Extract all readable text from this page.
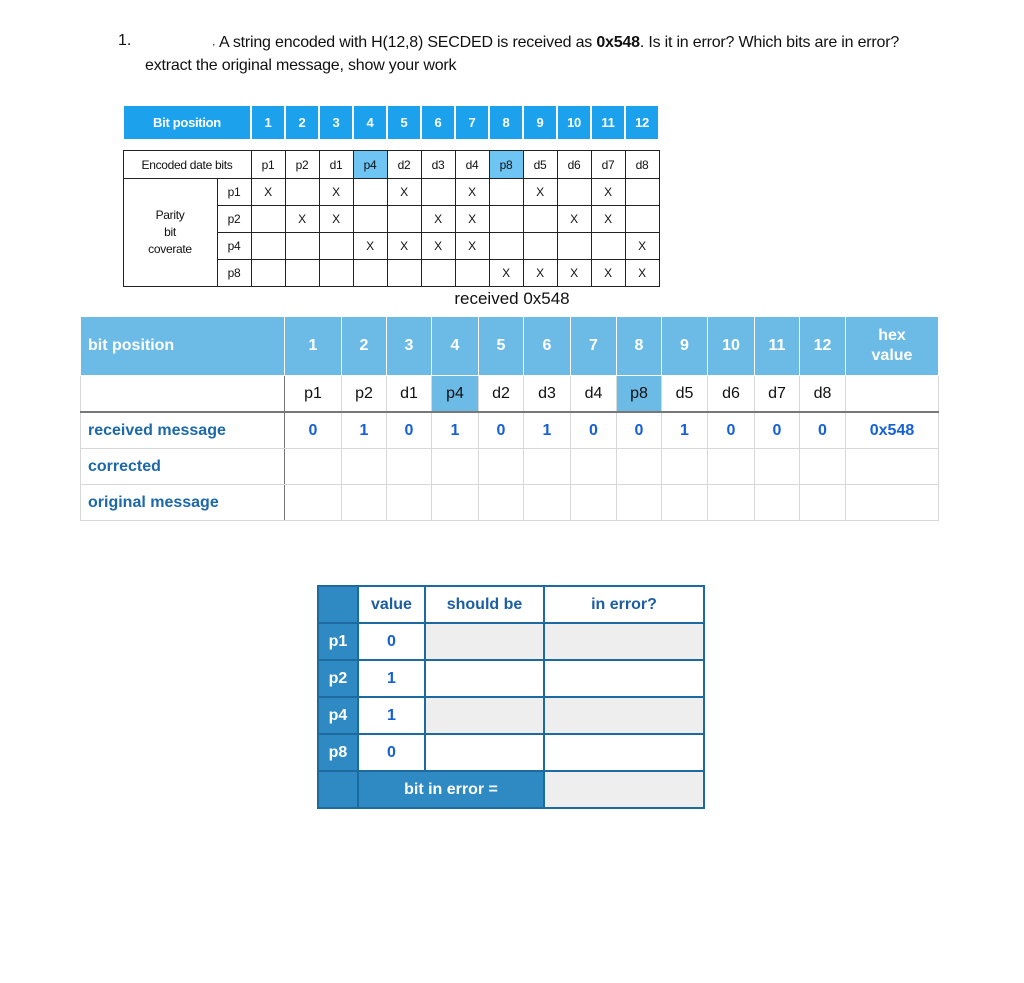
1.	, A string encoded with H(12,8) SECDED is received as 0x548. Is it in error? Which bits are in error? extract the original message, show your work
Bit position		1	2	3	4	5	6	7	8	9	10	11	12

Encoded date bits		p1	p2	d1	p4	d2	d3	d4	p8	d5	d6	d7	d8

Parity
bit
coverate	p1	X		X		X		X		X		X	
	p2		X	X			X	X			X	X	
	p4				X	X	X	X					X
	p8								X	X	X	X	X
received 0x548
bit position	1	2	3	4	5	6	7	8	9	10	11	12	hex value
	p1	p2	d1	p4	d2	d3	d4	p8	d5	d6	d7	d8	
received message	0	1	0	1	0	1	0	0	1	0	0	0	0x548
corrected													
original message													
	value	should be	in error?
p1	0		
p2	1		
p4	1		
p8	0		
	bit in error =		
